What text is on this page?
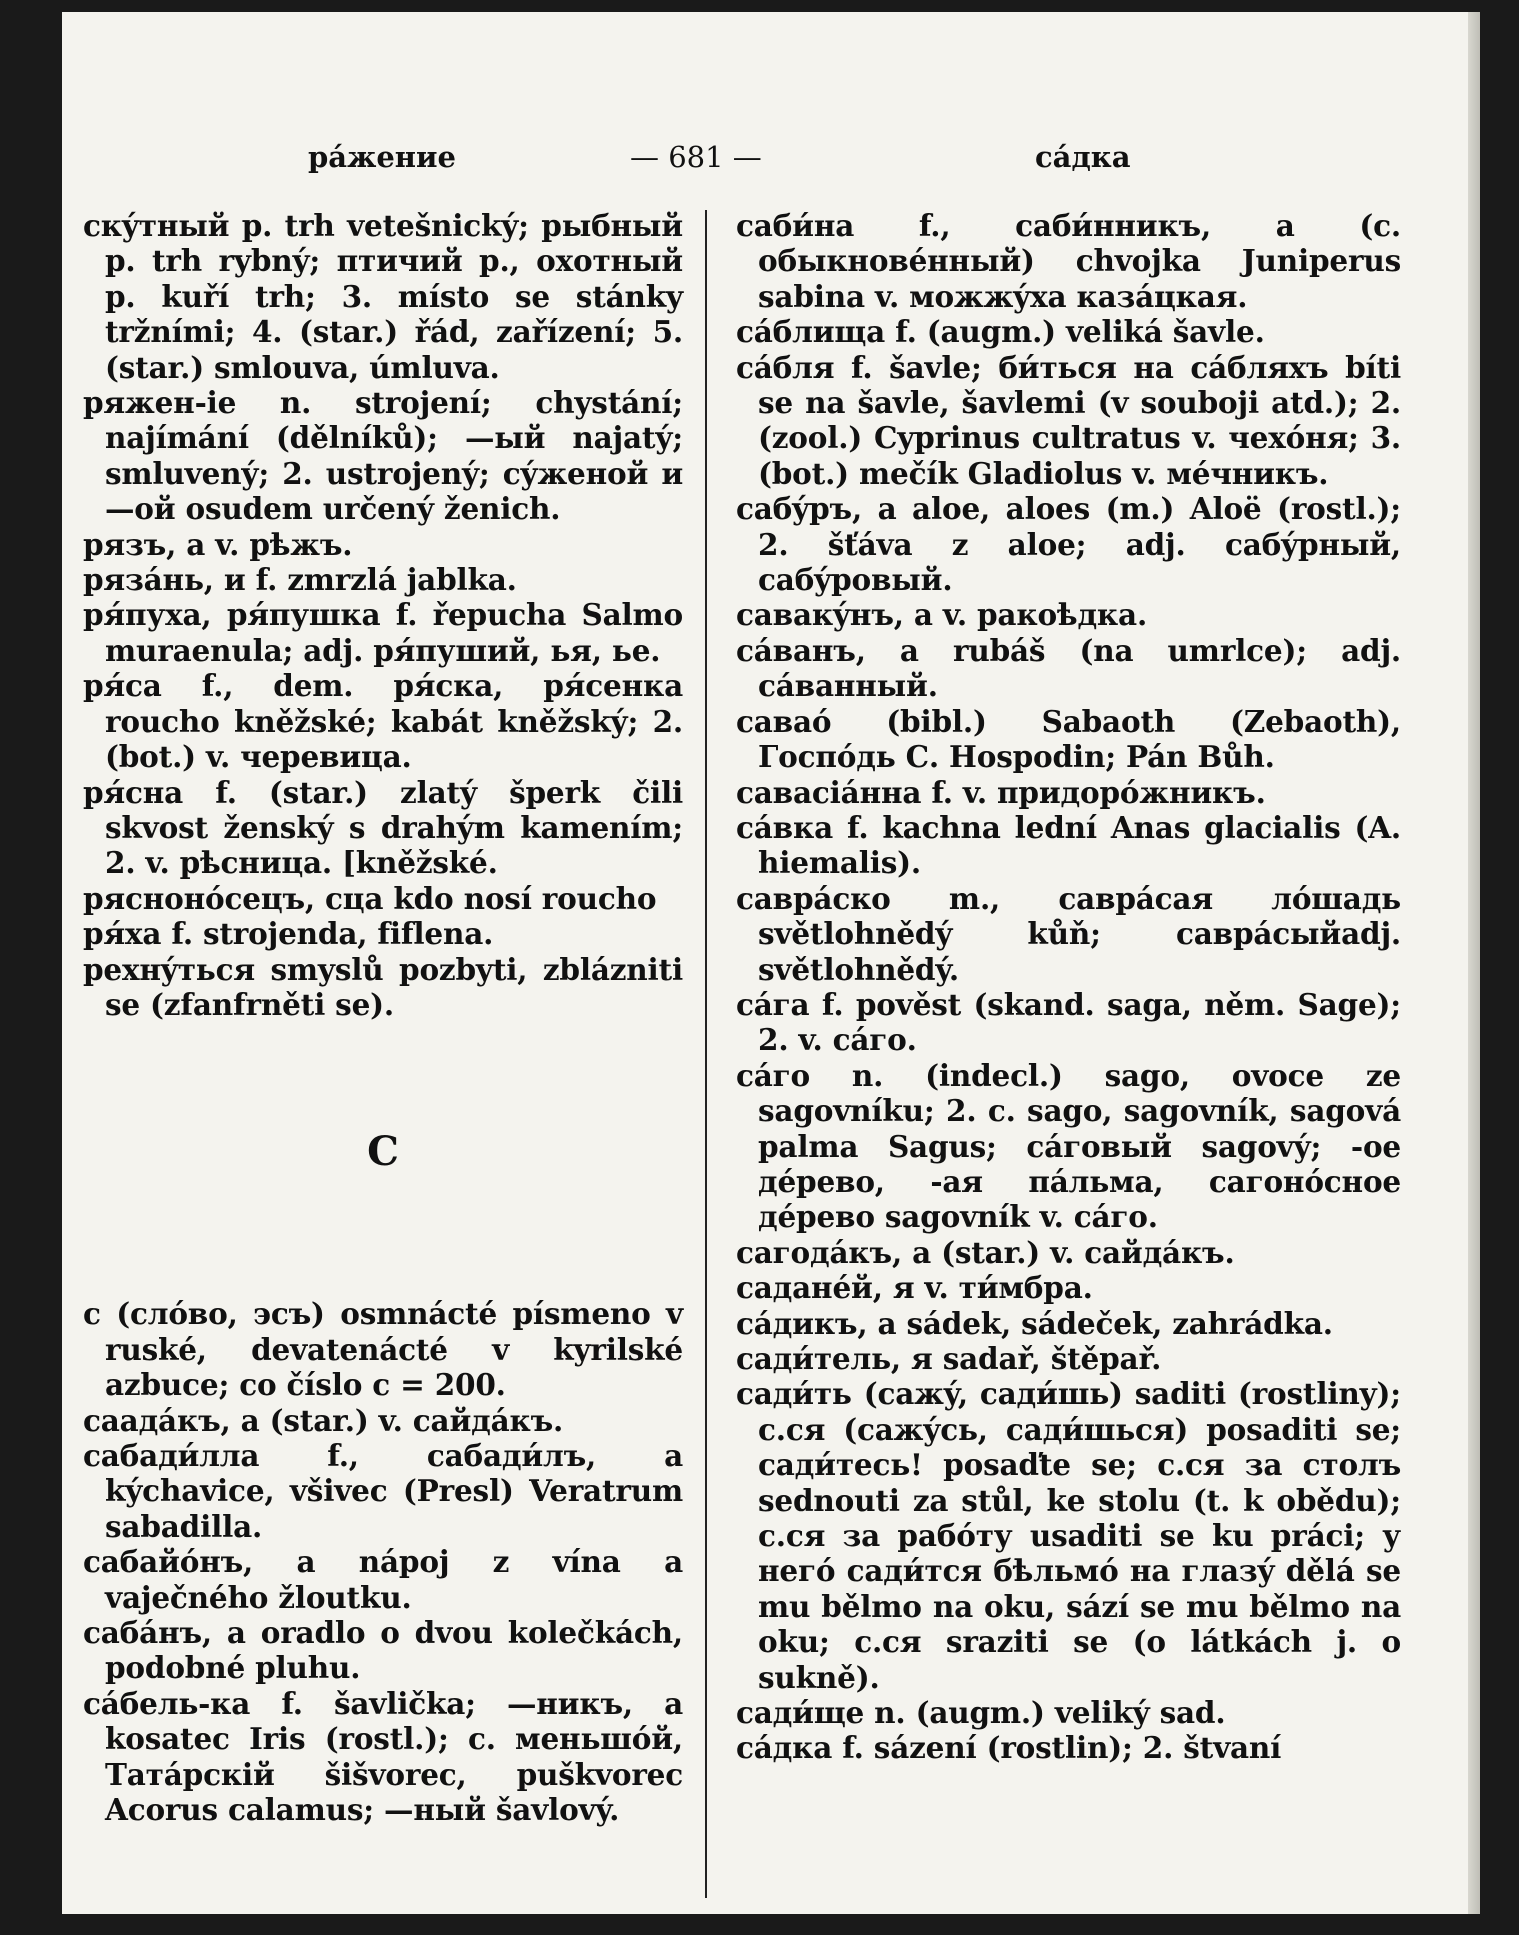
ра́жение	— 681 —	са́дка

скýтный р. trh vetešnický; рыбный р. trh rybný; птичий р., охотный р. kuří trh; 3. místo se stánky tržními; 4. (star.) řád, zařízení; 5. (star.) smlouva, úmluva.

ряжен-ie n. strojení; chystání; najímání (dělníků); —ый najatý; smluvený; 2. ustrojený; сýженой и —ой osudem určený ženich.

рязъ, a v. рѣжъ.

рязáнь, и f. zmrzlá jablka.

ря́пуха, ря́пушка f. řepucha Salmo muraenula; adj. ря́пуший, ья, ье.

ря́са f., dem. ря́ска, ря́сенка roucho kněžské; kabát kněžský; 2. (bot.) v. черевица.

ря́сна f. (star.) zlatý šperk čili skvost ženský s drahým kamením; 2. v. рѣсница. [kněžské.

ряснонóсецъ, сца kdo nosí roucho

ря́ха f. strojenda, fiflena.

рехнýться smyslů pozbyti, zblázniti se (zfanfrněti se).

С

с (слóво, эсъ) osmnácté písmeno v ruské, devatenácté v kyrilské azbuce; co číslo с = 200.

саадáкъ, a (star.) v. сайдáкъ.

сабади́лла f., сабади́лъ, a kýchavice, všivec (Presl) Veratrum sabadilla.

сабайóнъ, a nápoj z vína a vaječného žloutku.

сабáнъ, a oradlo o dvou kolečkách, podobné pluhu.

сáбель-ка f. šavlička; —никъ, a kosatec Iris (rostl.); с. меньшóй, Татáрскій šišvorec, puškvorec Acorus calamus; —ный šavlový.

саби́на f., саби́нникъ, a (с. обыкновéнный) chvojka Juniperus sabina v. можжýха казáцкая.

сáблища f. (augm.) veliká šavle.

сáбля f. šavle; би́ться на сáбляхъ bíti se na šavle, šavlemi (v souboji atd.); 2. (zool.) Cyprinus cultratus v. чехóня; 3. (bot.) mečík Gladiolus v. мéчникъ.

сабýръ, a aloe, aloes (m.) Aloë (rostl.); 2. šťáva z aloe; adj. сабýрный, сабýровый.

савакýнъ, a v. ракоѣдка.

сáванъ, a rubáš (na umrlce); adj. сáванный.

саваó (bibl.) Sabaoth (Zebaoth), Госпóдь С. Hospodin; Pán Bůh.

савасіáнна f. v. придорóжникъ.

сáвка f. kachna lední Anas glacialis (A. hiemalis).

саврáско m., саврáсая лóшадь světlohnědý kůň; саврáсыйadj. světlohnědý.

сáга f. pověst (skand. saga, něm. Sage); 2. v. сáго.

сáго n. (indecl.) sago, ovoce ze sagovníku; 2. с. sago, sagovník, sagová palma Sagus; сáговый sagový; -ое дéрево, -ая пáльма, сагонóсное дéрево sagovník v. сáго.

сагодáкъ, a (star.) v. сайдáкъ.

саданéй, я v. ти́мбра.

сáдикъ, a sádek, sádeček, zahrádka.

сади́тель, я sadař, štěpař.

сади́ть (сажý, сади́шь) saditi (rostliny); с.ся (сажýсь, сади́шься) posaditi se; сади́тесь! posaďte se; с.ся за столъ sednouti za stůl, ke stolu (t. k obědu); с.ся за рабóту usaditi se ku práci; у негó сади́тся бѣльмó на глазý dělá se mu bělmo na oku, sází se mu bělmo na oku; с.ся sraziti se (o látkách j. o sukně).

сади́ще n. (augm.) veliký sad.

сáдка f. sázení (rostlin); 2. štvaní
